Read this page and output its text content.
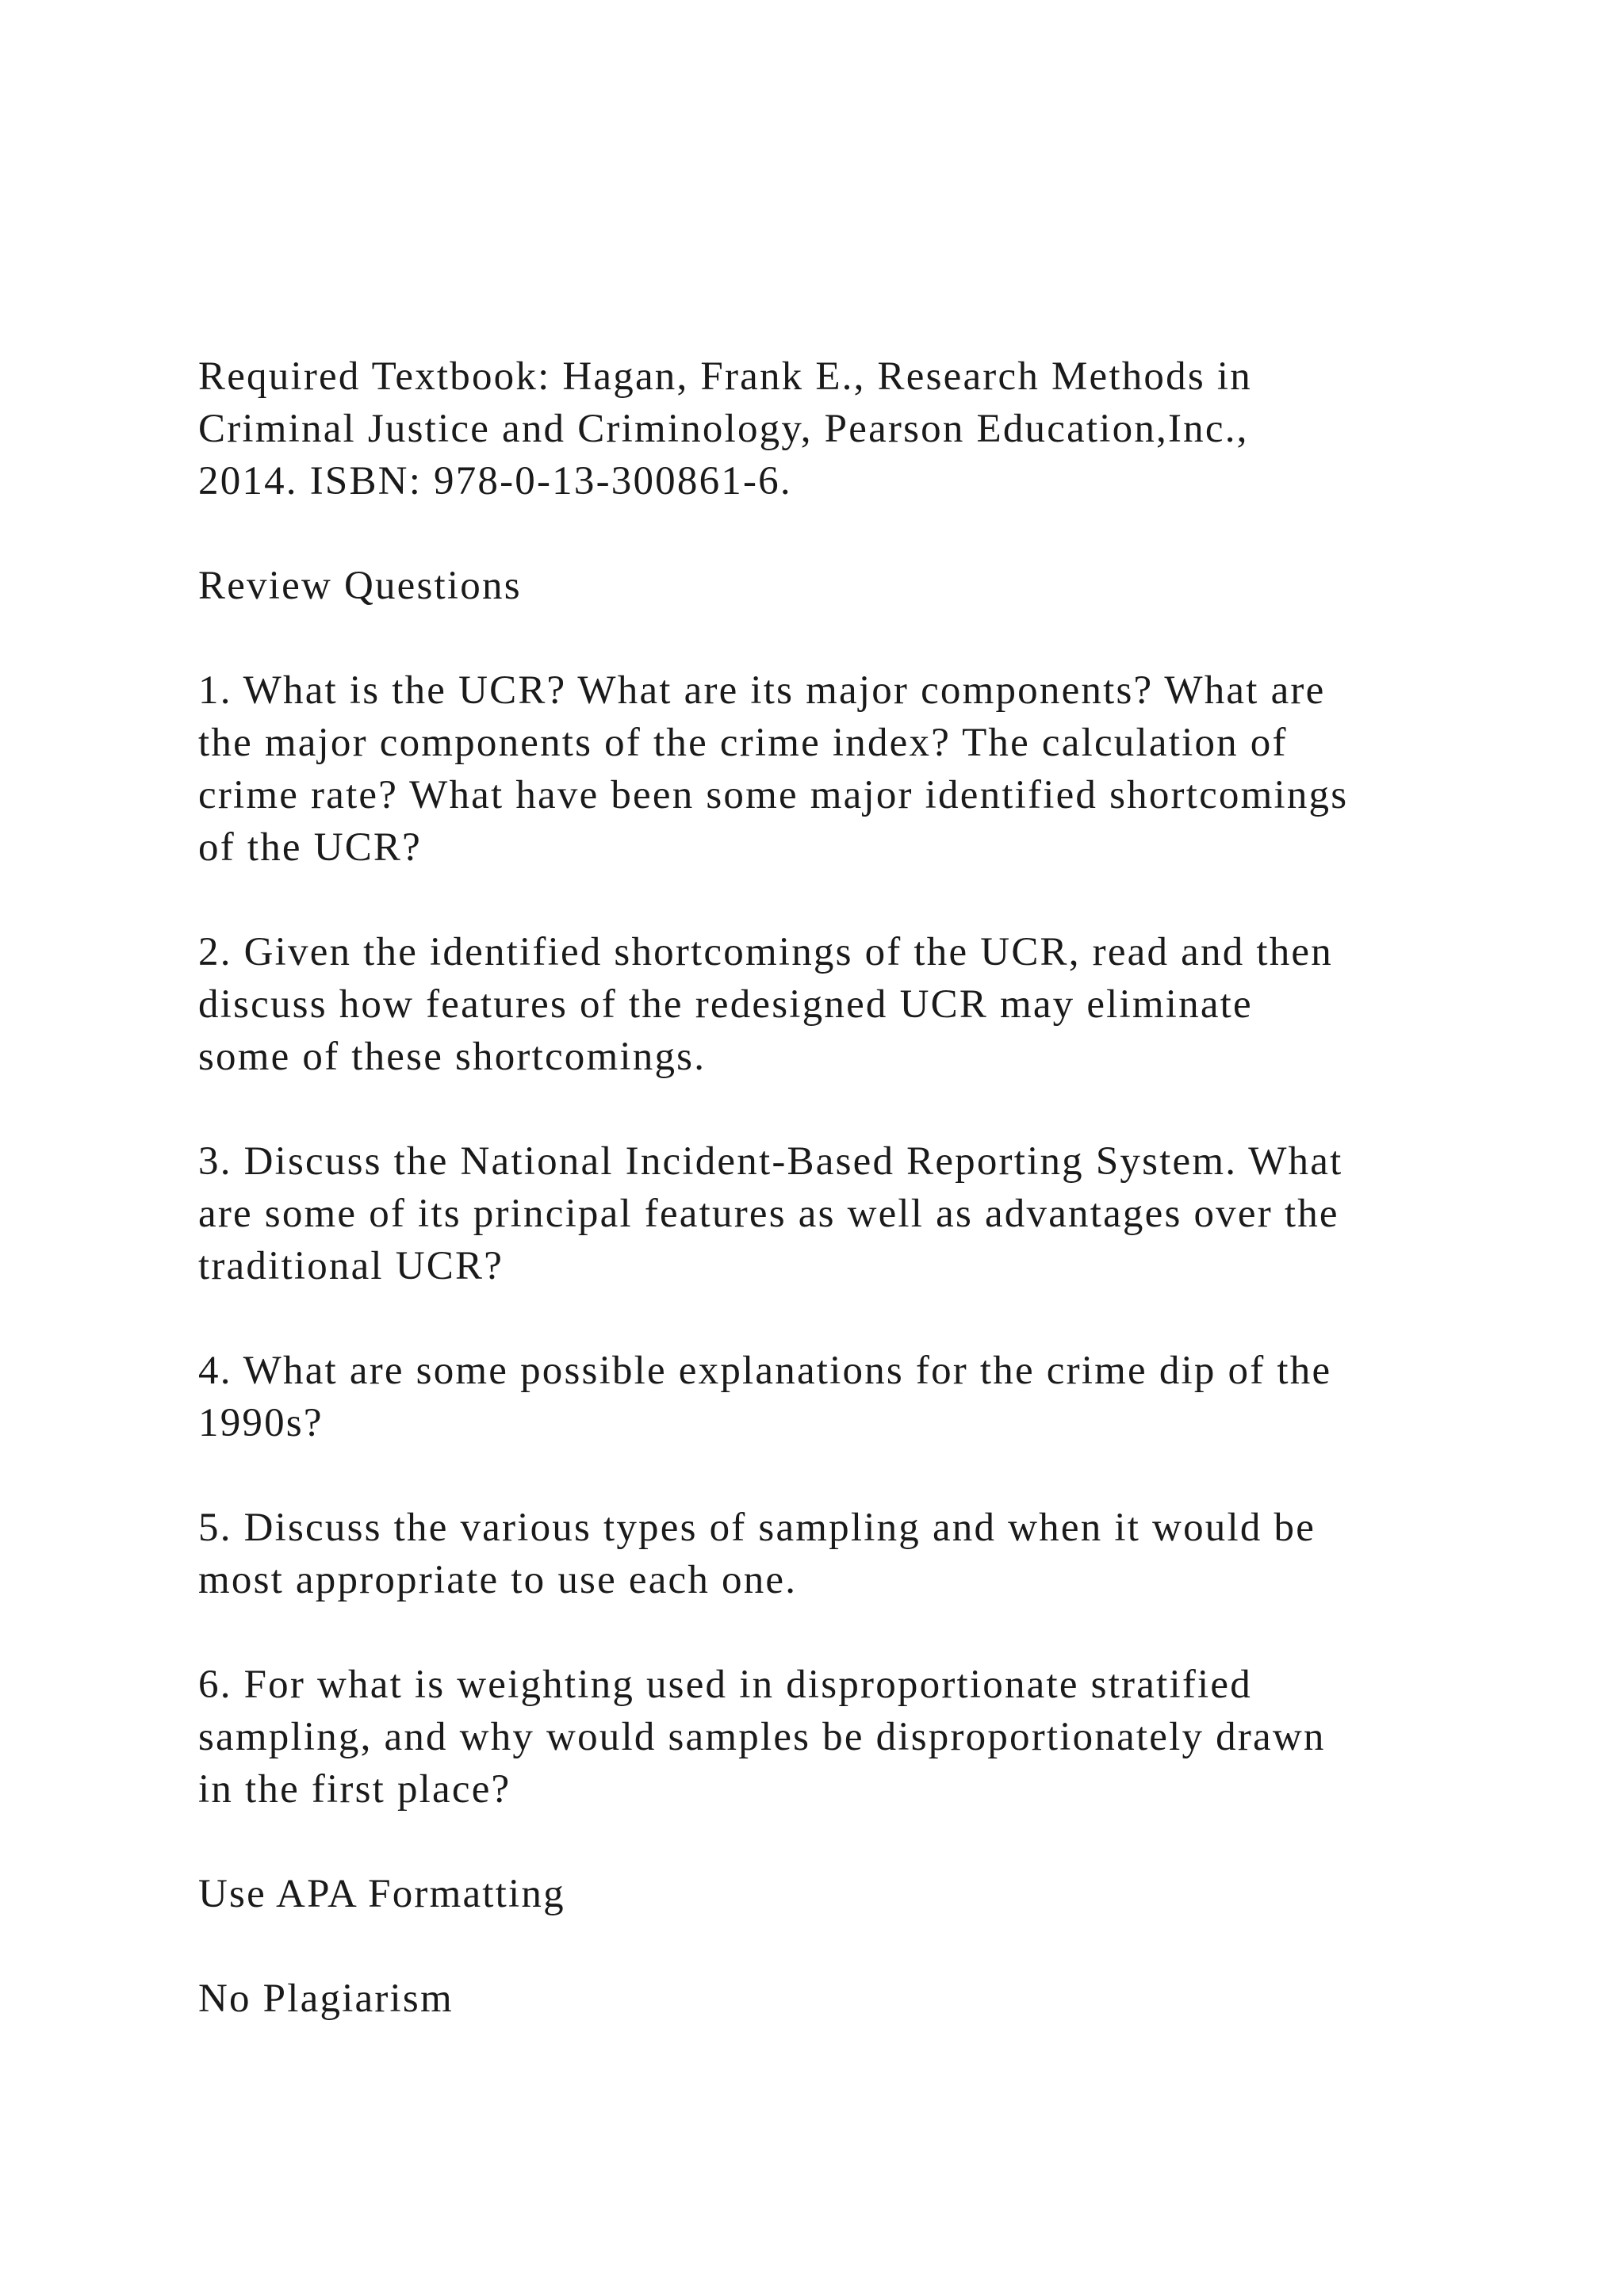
Required Textbook: Hagan, Frank E., Research Methods in
Criminal Justice and Criminology, Pearson Education,Inc.,
2014. ISBN: 978-0-13-300861-6.

Review Questions

1. What is the UCR? What are its major components? What are
the major components of the crime index? The calculation of
crime rate? What have been some major identified shortcomings
of the UCR?

2. Given the identified shortcomings of the UCR, read and then
discuss how features of the redesigned UCR may eliminate
some of these shortcomings.

3. Discuss the National Incident-Based Reporting System. What
are some of its principal features as well as advantages over the
traditional UCR?

4. What are some possible explanations for the crime dip of the
1990s?

5. Discuss the various types of sampling and when it would be
most appropriate to use each one.

6. For what is weighting used in disproportionate stratified
sampling, and why would samples be disproportionately drawn
in the first place?

Use APA Formatting

No Plagiarism
